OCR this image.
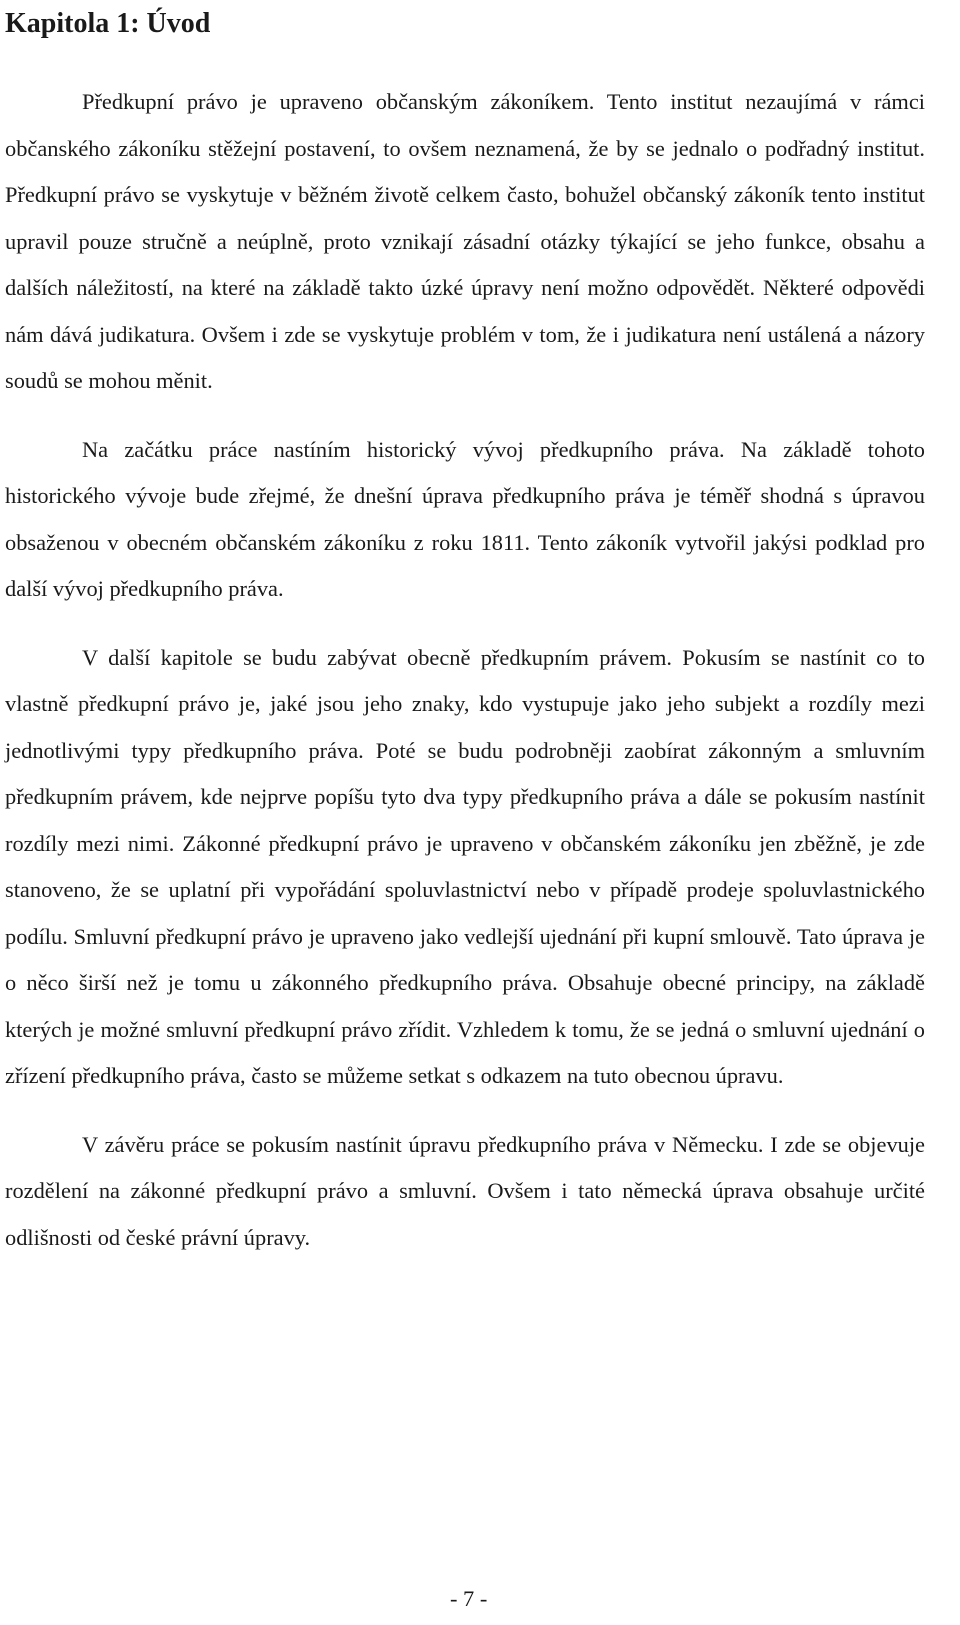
Kapitola 1: Úvod

Předkupní právo je upraveno občanským zákoníkem. Tento institut nezaujímá v rámci občanského zákoníku stěžejní postavení, to ovšem neznamená, že by se jednalo o podřadný institut. Předkupní právo se vyskytuje v běžném životě celkem často, bohužel občanský zákoník tento institut upravil pouze stručně a neúplně, proto vznikají zásadní otázky týkající se jeho funkce, obsahu a dalších náležitostí, na které na základě takto úzké úpravy není možno odpovědět. Některé odpovědi nám dává judikatura. Ovšem i zde se vyskytuje problém v tom, že i judikatura není ustálená a názory soudů se mohou měnit.

Na začátku práce nastíním historický vývoj předkupního práva. Na základě tohoto historického vývoje bude zřejmé, že dnešní úprava předkupního práva je téměř shodná s úpravou obsaženou v obecném občanském zákoníku z roku 1811. Tento zákoník vytvořil jakýsi podklad pro další vývoj předkupního práva.

V další kapitole se budu zabývat obecně předkupním právem. Pokusím se nastínit co to vlastně předkupní právo je, jaké jsou jeho znaky, kdo vystupuje jako jeho subjekt a rozdíly mezi jednotlivými typy předkupního práva. Poté se budu podrobněji zaobírat zákonným a smluvním předkupním právem, kde nejprve popíšu tyto dva typy předkupního práva a dále se pokusím nastínit rozdíly mezi nimi. Zákonné předkupní právo je upraveno v občanském zákoníku jen zběžně, je zde stanoveno, že se uplatní při vypořádání spoluvlastnictví nebo v případě prodeje spoluvlastnického podílu. Smluvní předkupní právo je upraveno jako vedlejší ujednání při kupní smlouvě. Tato úprava je o něco širší než je tomu u zákonného předkupního práva. Obsahuje obecné principy, na základě kterých je možné smluvní předkupní právo zřídit. Vzhledem k tomu, že se jedná o smluvní ujednání o zřízení předkupního práva, často se můžeme setkat s odkazem na tuto obecnou úpravu.

V závěru práce se pokusím nastínit úpravu předkupního práva v Německu. I zde se objevuje rozdělení na zákonné předkupní právo a smluvní. Ovšem i tato německá úprava obsahuje určité odlišnosti od české právní úpravy.

- 7 -
